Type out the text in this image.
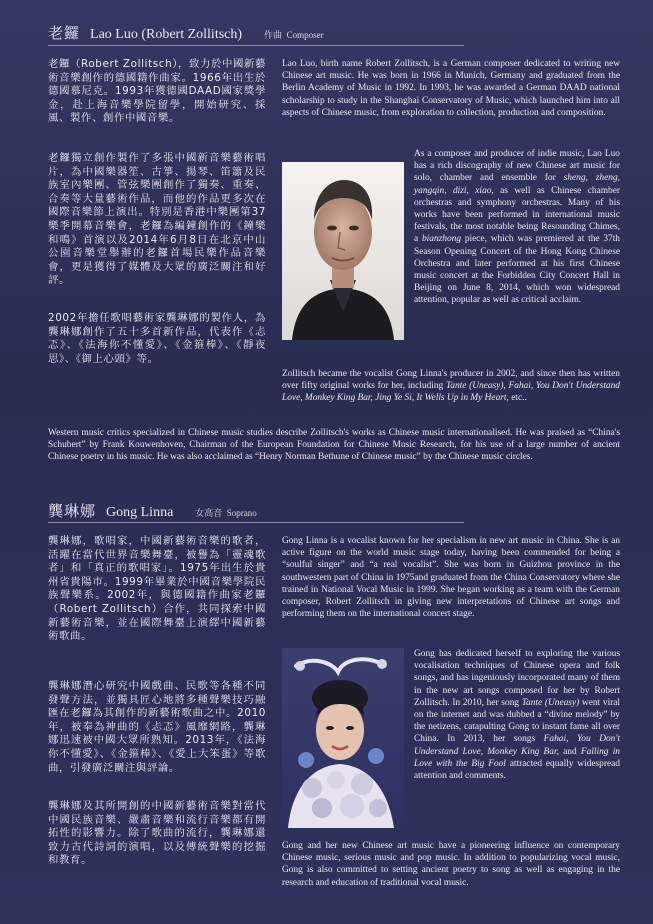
老鑼 Lao Luo (Robert Zollitsch) 作曲 Composer

老鑼（Robert Zollitsch），致力於中國新藝術音樂創作的德國籍作曲家。1966年出生於德國慕尼克。1993年獲德國DAAD國家獎學金，赴上海音樂學院留學，開始研究、採風、製作、創作中國音樂。

老鑼獨立創作製作了多張中國新音樂藝術唱片，為中國樂器笙、古箏、揚琴、笛簫及民族室內樂團、管弦樂團創作了獨奏、重奏、合奏等大量藝術作品，而他的作品更多次在國際音樂節上演出。特別是香港中樂團第37樂季開幕音樂會，老鑼為編鐘創作的《鐘樂和鳴》首演以及2014年6月8日在北京中山公園音樂堂舉辦的老鑼首場民樂作品音樂會，更是獲得了媒體及大眾的廣泛關注和好評。

2002年擔任歌唱藝術家龔琳娜的製作人，為龔琳娜創作了五十多首新作品，代表作《忐忑》、《法海你不懂愛》、《金箍棒》、《靜夜思》、《御上心頭》等。

Lao Luo, birth name Robert Zollitsch, is a German composer dedicated to writing new Chinese art music. He was born in 1966 in Munich, Germany and graduated from the Berlin Academy of Music in 1992. In 1993, he was awarded a German DAAD national scholarship to study in the Shanghai Conservatory of Music, which launched him into all aspects of Chinese music, from exploration to collection, production and composition.

As a composer and producer of indie music, Lao Luo has a rich discography of new Chinese art music for solo, chamber and ensemble for sheng, zheng, yangqin, dizi, xiao, as well as Chinese chamber orchestras and symphony orchestras. Many of his works have been performed in international music festivals, the most notable being Resounding Chimes, a bianzhong piece, which was premiered at the 37th Season Opening Concert of the Hong Kong Chinese Orchestra and later performed at his first Chinese music concert at the Forbidden City Concert Hall in Beijing on June 8, 2014, which won widespread attention, popular as well as critical acclaim.

Zollitsch became the vocalist Gong Linna's producer in 2002, and since then has written over fifty original works for her, including Tante (Uneasy), Fahai, You Don't Understand Love, Monkey King Bar, Jing Ye Si, It Wells Up in My Heart, etc..

Western music critics specialized in Chinese music studies describe Zollitsch's works as Chinese music internationalised. He was praised as “China's Schubert” by Frank Kouwenhoven, Chairman of the European Foundation for Chinese Music Research, for his use of a large number of ancient Chinese poetry in his music. He was also acclaimed as “Henry Norman Bethune of Chinese music” by the Chinese music circles.

龔琳娜 Gong Linna 女高音 Soprano

龔琳娜，歌唱家，中國新藝術音樂的歌者，活躍在當代世界音樂舞臺，被譽為「靈魂歌者」和「真正的歌唱家」。1975年出生於貴州省貴陽市。1999年畢業於中國音樂學院民族聲樂系。2002年，與德國籍作曲家老鑼（Robert Zollitsch）合作，共同探索中國新藝術音樂，並在國際舞臺上演繹中國新藝術歌曲。

龔琳娜潛心研究中國戲曲、民歌等各種不同發聲方法，並獨具匠心地將多種聲樂技巧融匯在老鑼為其創作的新藝術歌曲之中。2010年，被奉為神曲的《忐忑》風靡網路，龔琳娜迅速被中國大眾所熟知。2013年，《法海你不懂愛》、《金箍棒》、《愛上大笨蛋》等歌曲，引發廣泛關注與評論。

龔琳娜及其所開創的中國新藝術音樂對當代中國民族音樂、嚴肅音樂和流行音樂都有開拓性的影響力。除了歌曲的流行，龔琳娜還致力古代詩詞的演唱，以及傳統聲樂的挖掘和教育。

Gong Linna is a vocalist known for her specialism in new art music in China. She is an active figure on the world music stage today, having been commended for being a “soulful singer” and “a real vocalist”. She was born in Guizhou province in the southwestern part of China in 1975and graduated from the China Conservatory where she trained in National Vocal Music in 1999. She began working as a team with the German composer, Robert Zollitsch in giving new interpretations of Chinese art songs and performing them on the international concert stage.

Gong has dedicated herself to exploring the various vocalisation techniques of Chinese opera and folk songs, and has ingeniously incorporated many of them in the new art songs composed for her by Robert Zollitsch. In 2010, her song Tante (Uneasy) went viral on the internet and was dubbed a “divine melody” by the netizens, catapulting Gong to instant fame all over China. In 2013, her songs Fahai, You Don't Understand Love, Monkey King Bar, and Falling in Love with the Big Fool attracted equally widespread attention and comments.

Gong and her new Chinese art music have a pioneering influence on contemporary Chinese music, serious music and pop music. In addition to popularizing vocal music, Gong is also committed to setting ancient poetry to song as well as engaging in the research and education of traditional vocal music.
